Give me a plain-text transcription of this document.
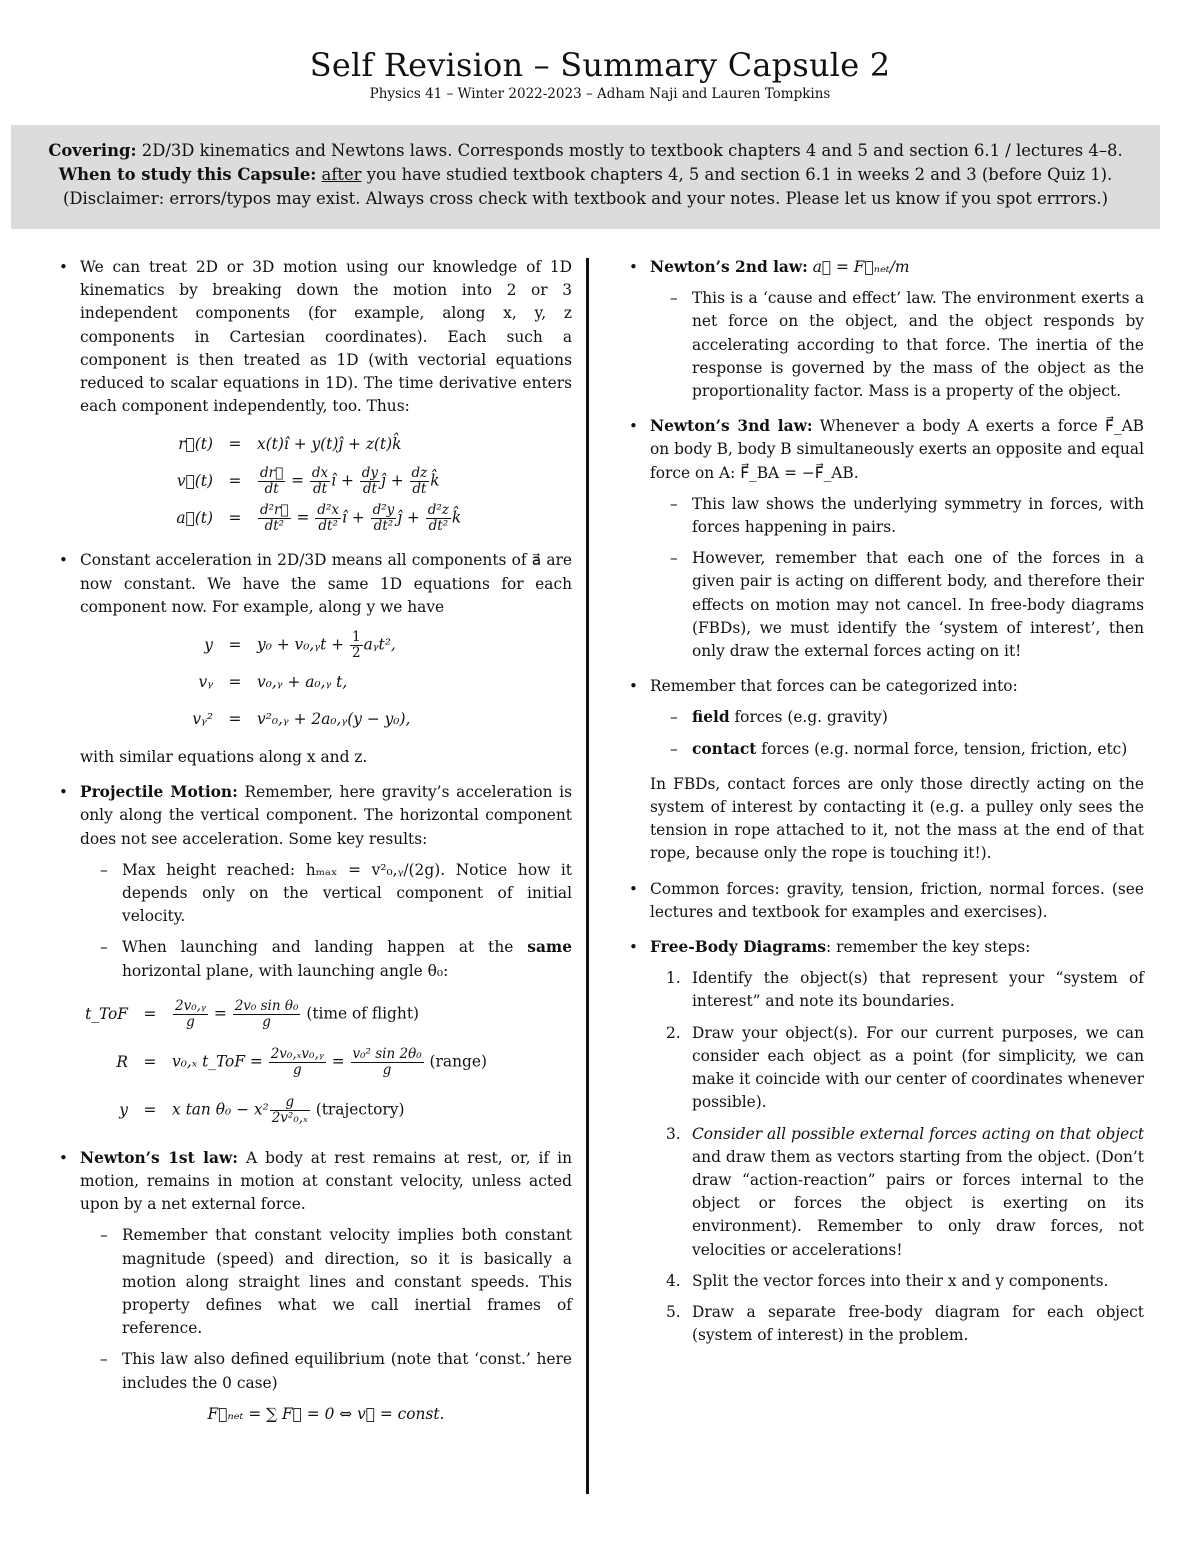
Self Revision – Summary Capsule 2
Physics 41 – Winter 2022-2023 – Adham Naji and Lauren Tompkins
Covering: 2D/3D kinematics and Newtons laws. Corresponds mostly to textbook chapters 4 and 5 and section 6.1 / lectures 4–8.
When to study this Capsule: after you have studied textbook chapters 4, 5 and section 6.1 in weeks 2 and 3 (before Quiz 1).
(Disclaimer: errors/typos may exist. Always cross check with textbook and your notes. Please let us know if you spot errrors.)
• We can treat 2D or 3D motion using our knowledge of 1D kinematics by breaking down the motion into 2 or 3 independent components (for example, along x, y, z components in Cartesian coordinates). Each such a component is then treated as 1D (with vectorial equations reduced to scalar equations in 1D). The time derivative enters each component independently, too. Thus:

r⃗(t)	=	x(t)î + y(t)ĵ + z(t)k̂
v⃗(t)	=	$\frac{dr⃗}{dt} = \frac{dx}{dt}$ î + $\frac{dy}{dt}$ ĵ + $\frac{dz}{dt}$ k̂
a⃗(t)	=	$\frac{\text{d²r⃗}}{\text{dt²}} = \frac{\text{d²x}}{\text{dt²}}$ î + $\frac{\text{d²y}}{\text{dt²}}$ ĵ + $\frac{\text{d²z}}{\text{dt²}}$ k̂
• Constant acceleration in 2D/3D means all components of a⃗ are now constant. We have the same 1D equations for each component now. For example, along y we have

y	=	y₀ + v₀,ᵧt + $\frac{1}{2}$ aᵧt²,
vᵧ	=	v₀,ᵧ + a₀,ᵧ t,
vᵧ²	=	v²₀,ᵧ + 2a₀,ᵧ(y − y₀),

with similar equations along x and z.

• Projectile Motion: Remember, here gravity’s acceleration is only along the vertical component. The horizontal component does not see acceleration. Some key results:

– Max height reached: hₘₐₓ = v²₀,ᵧ/(2g). Notice how it depends only on the vertical component of initial velocity.

– When launching and landing happen at the same horizontal plane, with launching angle θ₀:

t_ToF	=	$\frac{\text{2v₀,ᵧ}}{g} = \frac{\text{2v₀ sin θ₀}}{g}$ (time of flight)
R	=	v₀,ₓ t_ToF = $\frac{\text{2v₀,ₓv₀,ᵧ}}{g} = \frac{\text{v₀² sin 2θ₀}}{g}$ (range)
y	=	x $\tan \theta_0 - x^2 \frac{g}{\text{2v²₀,ₓ}}$ (trajectory)
• Newton’s 1st law: A body at rest remains at rest, or, if in motion, remains in motion at constant velocity, unless acted upon by a net external force.

– Remember that constant velocity implies both constant magnitude (speed) and direction, so it is basically a motion along straight lines and constant speeds. This property defines what we call inertial frames of reference.

– This law also defined equilibrium (note that ‘const.’ here includes the 0 case)

F⃗ₙₑₜ = ∑ F⃗ = 0 ⇔ v⃗ = const.
• Newton’s 2nd law: a⃗ = F⃗ₙₑₜ/m

– This is a ‘cause and effect’ law. The environment exerts a net force on the object, and the object responds by accelerating according to that force. The inertia of the response is governed by the mass of the object as the proportionality factor. Mass is a property of the object.

• Newton’s 3nd law: Whenever a body A exerts a force F⃗_AB on body B, body B simultaneously exerts an opposite and equal force on A: F⃗_BA = −F⃗_AB.

– This law shows the underlying symmetry in forces, with forces happening in pairs.

– However, remember that each one of the forces in a given pair is acting on different body, and therefore their effects on motion may not cancel. In free-body diagrams (FBDs), we must identify the ‘system of interest’, then only draw the external forces acting on it!

• Remember that forces can be categorized into:

– field forces (e.g. gravity)

– contact forces (e.g. normal force, tension, friction, etc)

In FBDs, contact forces are only those directly acting on the system of interest by contacting it (e.g. a pulley only sees the tension in rope attached to it, not the mass at the end of that rope, because only the rope is touching it!).

• Common forces: gravity, tension, friction, normal forces. (see lectures and textbook for examples and exercises).

• Free-Body Diagrams: remember the key steps:

1. Identify the object(s) that represent your “system of interest” and note its boundaries.

2. Draw your object(s). For our current purposes, we can consider each object as a point (for simplicity, we can make it coincide with our center of coordinates whenever possible).

3. Consider all possible external forces acting on that object and draw them as vectors starting from the object. (Don’t draw “action-reaction” pairs or forces internal to the object or forces the object is exerting on its environment). Remember to only draw forces, not velocities or accelerations!

4. Split the vector forces into their x and y components.

5. Draw a separate free-body diagram for each object (system of interest) in the problem.
